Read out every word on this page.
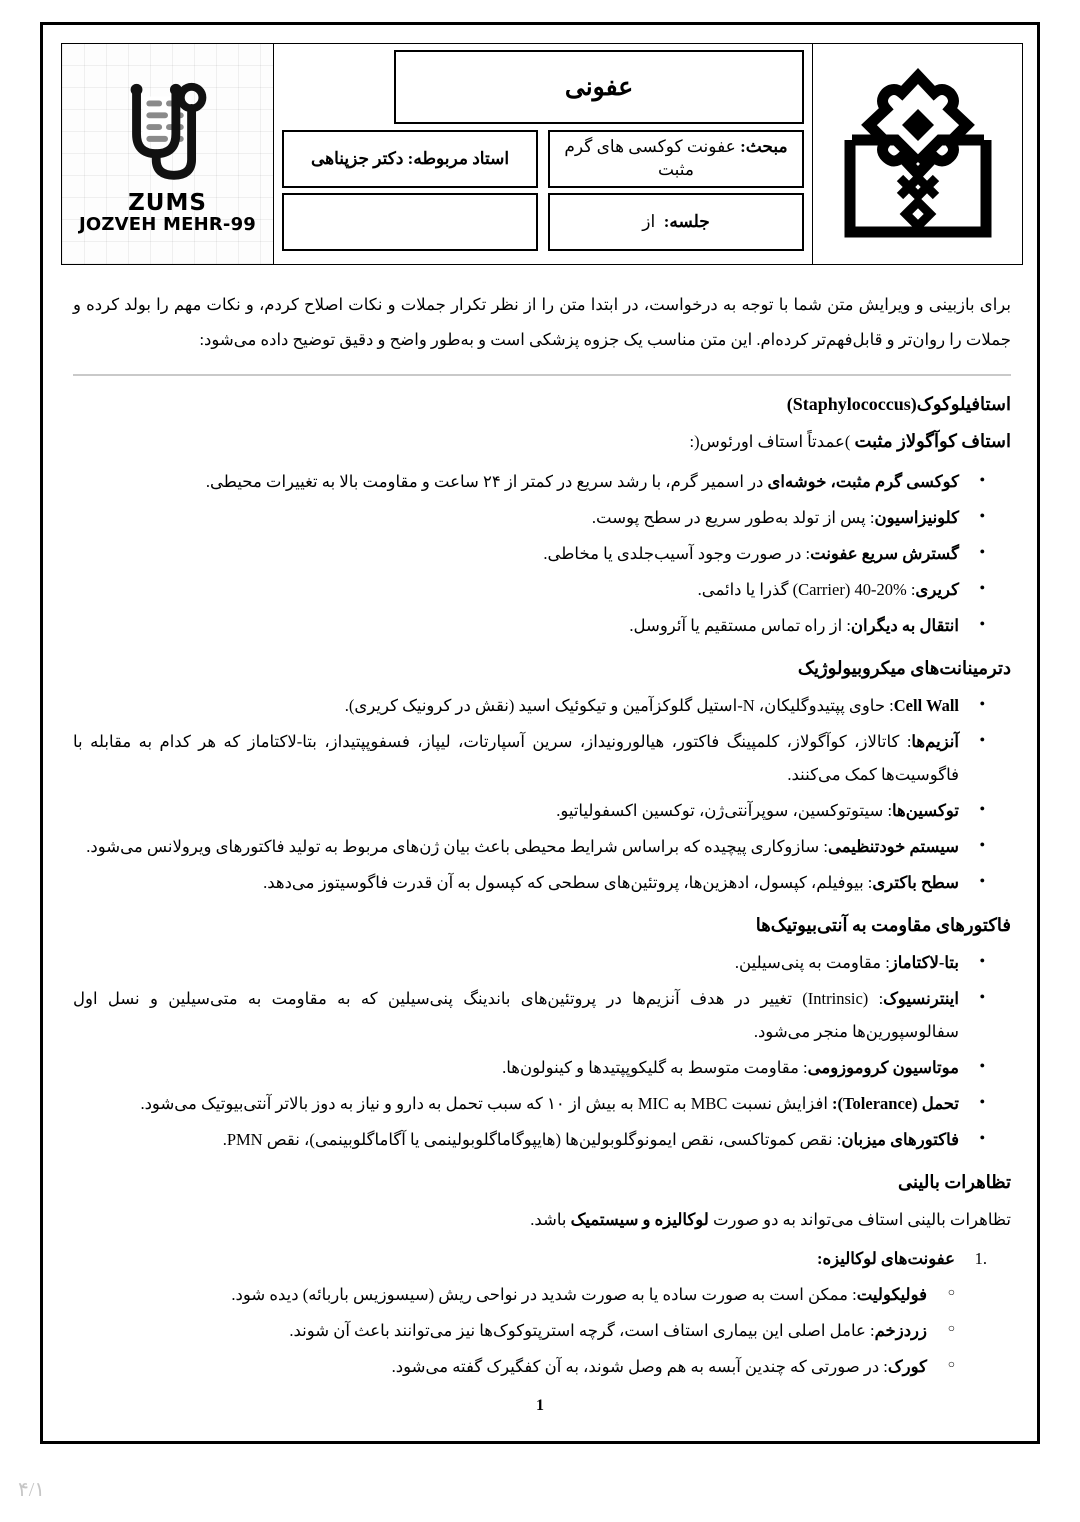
عفونی
مبحث: عفونت کوکسی های گرم مثبت
استاد مربوطه: دکتر جزپناهی
جلسه:  از
ZUMS
JOZVEH MEHR-99

برای بازبینی و ویرایش متن شما با توجه به درخواست، در ابتدا متن را از نظر تکرار جملات و نکات اصلاح کردم، و نکات مهم را بولد کرده و جملات را روان‌تر و قابل‌فهم‌تر کرده‌ام. این متن مناسب یک جزوه پزشکی است و به‌طور واضح و دقیق توضیح داده می‌شود:

استافیلوکوک(Staphylococcus)
استاف کوآگولاز مثبت )عمدتاً استاف اورئوس(:
● کوکسی گرم مثبت، خوشه‌ای در اسمیر گرم، با رشد سریع در کمتر از ۲۴ ساعت و مقاومت بالا به تغییرات محیطی.
● کلونیزاسیون: پس از تولد به‌طور سریع در سطح پوست.
● گسترش سریع عفونت: در صورت وجود آسیب‌جلدی یا مخاطی.
● کریری: %20-40 (Carrier) گذرا یا دائمی.
● انتقال به دیگران: از راه تماس مستقیم یا آئروسل.
دترمینانت‌های میکروبیولوژیک
● Cell Wall: حاوی پپتیدوگلیکان، N-استیل گلوکزآمین و تیکوئیک اسید (نقش در کرونیک کریری).
● آنزیم‌ها: کاتالاز، کوآگولاز، کلمپینگ فاکتور، هیالورونیداز، سرین آسپارتات، لیپاز، فسفوپپتیداز، بتا-لاکتاماز که هر کدام به مقابله با فاگوسیت‌ها کمک می‌کنند.
● توکسین‌ها: سیتوتوکسین، سوپرآنتی‌ژن، توکسین اکسفولیاتیو.
● سیستم خودتنظیمی: سازوکاری پیچیده که براساس شرایط محیطی باعث بیان ژن‌های مربوط به تولید فاکتورهای ویرولانس می‌شود.
● سطح باکتری: بیوفیلم، کپسول، ادهزین‌ها، پروتئین‌های سطحی که کپسول به آن قدرت فاگوسیتوز می‌دهد.
فاکتورهای مقاومت به آنتی‌بیوتیک‌ها
● بتا-لاکتاماز: مقاومت به پنی‌سیلین.
● اینترنسیوک: (Intrinsic) تغییر در هدف آنزیم‌ها در پروتئین‌های باندینگ پنی‌سیلین که به مقاومت به متی‌سیلین و نسل اول سفالوسپورین‌ها منجر می‌شود.
● موتاسیون کروموزومی: مقاومت متوسط به گلیکوپپتیدها و کینولون‌ها.
● تحمل (Tolerance): افزایش نسبت MBC به MIC به بیش از ۱۰ که سبب تحمل به دارو و نیاز به دوز بالاتر آنتی‌بیوتیک می‌شود.
● فاکتورهای میزبان: نقص کموتاکسی، نقص ایمونوگلوبولین‌ها (هایپوگاماگلوبولینمی یا آگاماگلوبینمی)، نقص PMN.
تظاهرات بالینی

تظاهرات بالینی استاف می‌تواند به دو صورت لوکالیزه و سیستمیک باشد.

عفونت‌های لوکالیزه:
○ فولیکولیت: ممکن است به صورت ساده یا به صورت شدید در نواحی ریش (سیسوزیس باربائه) دیده شود.
○ زردزخم: عامل اصلی این بیماری استاف است، گرچه استرپتوکوک‌ها نیز می‌توانند باعث آن شوند.
○ کورک: در صورتی که چندین آبسه به هم وصل شوند، به آن کفگیرک گفته می‌شود.
1
۴/۱
